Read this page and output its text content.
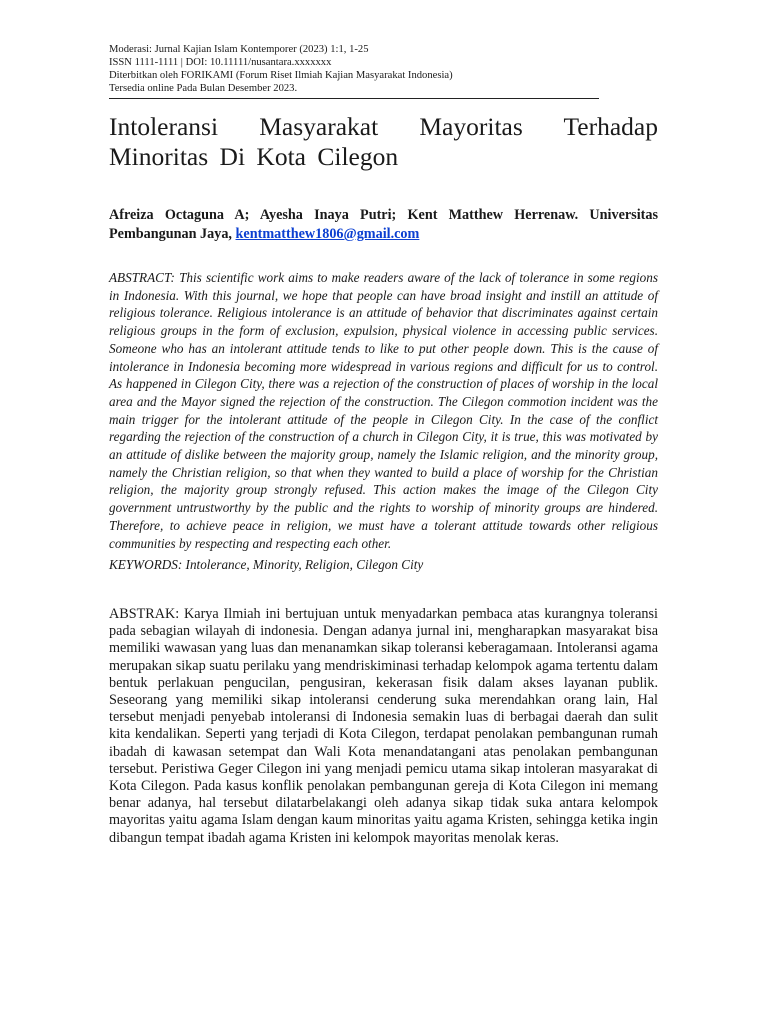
Moderasi: Jurnal Kajian Islam Kontemporer (2023) 1:1, 1-25

ISSN 1111-1111 | DOI: 10.11111/nusantara.xxxxxxx

Diterbitkan oleh FORIKAMI (Forum Riset Ilmiah Kajian Masyarakat Indonesia)

Tersedia online Pada Bulan Desember 2023.

Intoleransi Masyarakat Mayoritas Terhadap Minoritas Di Kota Cilegon

Afreiza Octaguna A; Ayesha Inaya Putri; Kent Matthew Herrenaw. Universitas Pembangunan Jaya, kentmatthew1806@gmail.com

ABSTRACT: This scientific work aims to make readers aware of the lack of tolerance in some regions in Indonesia. With this journal, we hope that people can have broad insight and instill an attitude of religious tolerance. Religious intolerance is an attitude of behavior that discriminates against certain religious groups in the form of exclusion, expulsion, physical violence in accessing public services. Someone who has an intolerant attitude tends to like to put other people down. This is the cause of intolerance in Indonesia becoming more widespread in various regions and difficult for us to control. As happened in Cilegon City, there was a rejection of the construction of places of worship in the local area and the Mayor signed the rejection of the construction. The Cilegon commotion incident was the main trigger for the intolerant attitude of the people in Cilegon City. In the case of the conflict regarding the rejection of the construction of a church in Cilegon City, it is true, this was motivated by an attitude of dislike between the majority group, namely the Islamic religion, and the minority group, namely the Christian religion, so that when they wanted to build a place of worship for the Christian religion, the majority group strongly refused. This action makes the image of the Cilegon City government untrustworthy by the public and the rights to worship of minority groups are hindered. Therefore, to achieve peace in religion, we must have a tolerant attitude towards other religious communities by respecting and respecting each other.

KEYWORDS: Intolerance, Minority, Religion, Cilegon City

ABSTRAK: Karya Ilmiah ini bertujuan untuk menyadarkan pembaca atas kurangnya toleransi pada sebagian wilayah di indonesia. Dengan adanya jurnal ini, mengharapkan masyarakat bisa memiliki wawasan yang luas dan menanamkan sikap toleransi keberagamaan. Intoleransi agama merupakan sikap suatu perilaku yang mendriskiminasi terhadap kelompok agama tertentu dalam bentuk perlakuan pengucilan, pengusiran, kekerasan fisik dalam akses layanan publik. Seseorang yang memiliki sikap intoleransi cenderung suka merendahkan orang lain, Hal tersebut menjadi penyebab intoleransi di Indonesia semakin luas di berbagai daerah dan sulit kita kendalikan. Seperti yang terjadi di Kota Cilegon, terdapat penolakan pembangunan rumah ibadah di kawasan setempat dan Wali Kota menandatangani atas penolakan pembangunan tersebut. Peristiwa Geger Cilegon ini yang menjadi pemicu utama sikap intoleran masyarakat di Kota Cilegon. Pada kasus konflik penolakan pembangunan gereja di Kota Cilegon ini memang benar adanya, hal tersebut dilatarbelakangi oleh adanya sikap tidak suka antara kelompok mayoritas yaitu agama Islam dengan kaum minoritas yaitu agama Kristen, sehingga ketika ingin dibangun tempat ibadah agama Kristen ini kelompok mayoritas menolak keras.
